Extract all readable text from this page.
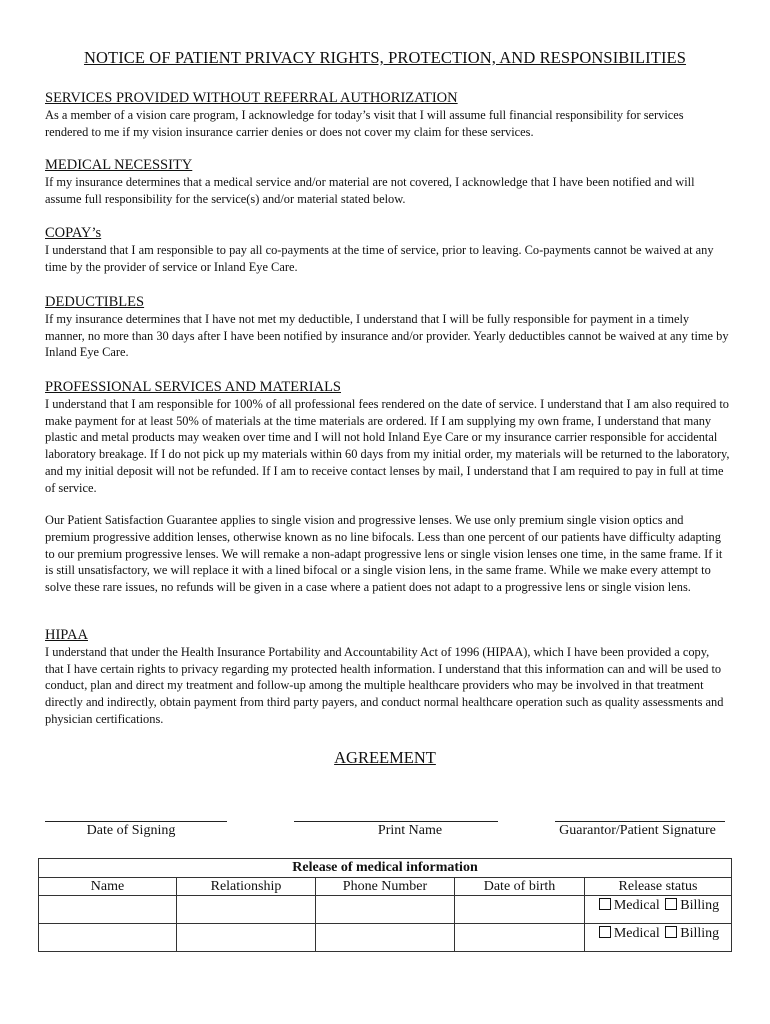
NOTICE OF PATIENT PRIVACY RIGHTS, PROTECTION, AND RESPONSIBILITIES
SERVICES PROVIDED WITHOUT REFERRAL AUTHORIZATION

As a member of a vision care program, I acknowledge for today’s visit that I will assume full financial responsibility for services rendered to me if my vision insurance carrier denies or does not cover my claim for these services.

MEDICAL NECESSITY

If my insurance determines that a medical service and/or material are not covered, I acknowledge that I have been notified and will assume full responsibility for the service(s) and/or material stated below.

COPAY’s

I understand that I am responsible to pay all co-payments at the time of service, prior to leaving. Co-payments cannot be waived at any time by the provider of service or Inland Eye Care.

DEDUCTIBLES

If my insurance determines that I have not met my deductible, I understand that I will be fully responsible for payment in a timely manner, no more than 30 days after I have been notified by insurance and/or provider. Yearly deductibles cannot be waived at any time by Inland Eye Care.

PROFESSIONAL SERVICES AND MATERIALS

I understand that I am responsible for 100% of all professional fees rendered on the date of service. I understand that I am also required to make payment for at least 50% of materials at the time materials are ordered. If I am supplying my own frame, I understand that many plastic and metal products may weaken over time and I will not hold Inland Eye Care or my insurance carrier responsible for accidental laboratory breakage. If I do not pick up my materials within 60 days from my initial order, my materials will be returned to the laboratory, and my initial deposit will not be refunded. If I am to receive contact lenses by mail, I understand that I am required to pay in full at time of service.

Our Patient Satisfaction Guarantee applies to single vision and progressive lenses. We use only premium single vision optics and premium progressive addition lenses, otherwise known as no line bifocals. Less than one percent of our patients have difficulty adapting to our premium progressive lenses. We will remake a non-adapt progressive lens or single vision lenses one time, in the same frame. If it is still unsatisfactory, we will replace it with a lined bifocal or a single vision lens, in the same frame. While we make every attempt to solve these rare issues, no refunds will be given in a case where a patient does not adapt to a progressive lens or single vision lens.

HIPAA

I understand that under the Health Insurance Portability and Accountability Act of 1996 (HIPAA), which I have been provided a copy, that I have certain rights to privacy regarding my protected health information. I understand that this information can and will be used to conduct, plan and direct my treatment and follow-up among the multiple healthcare providers who may be involved in that treatment directly and indirectly, obtain payment from third party payers, and conduct normal healthcare operation such as quality assessments and physician certifications.

AGREEMENT
Date of Signing	Print Name	Guarantor/Patient Signature
Release of medical information				
Name	Relationship	Phone Number	Date of birth	Release status

				Medical Billing

				Medical Billing
